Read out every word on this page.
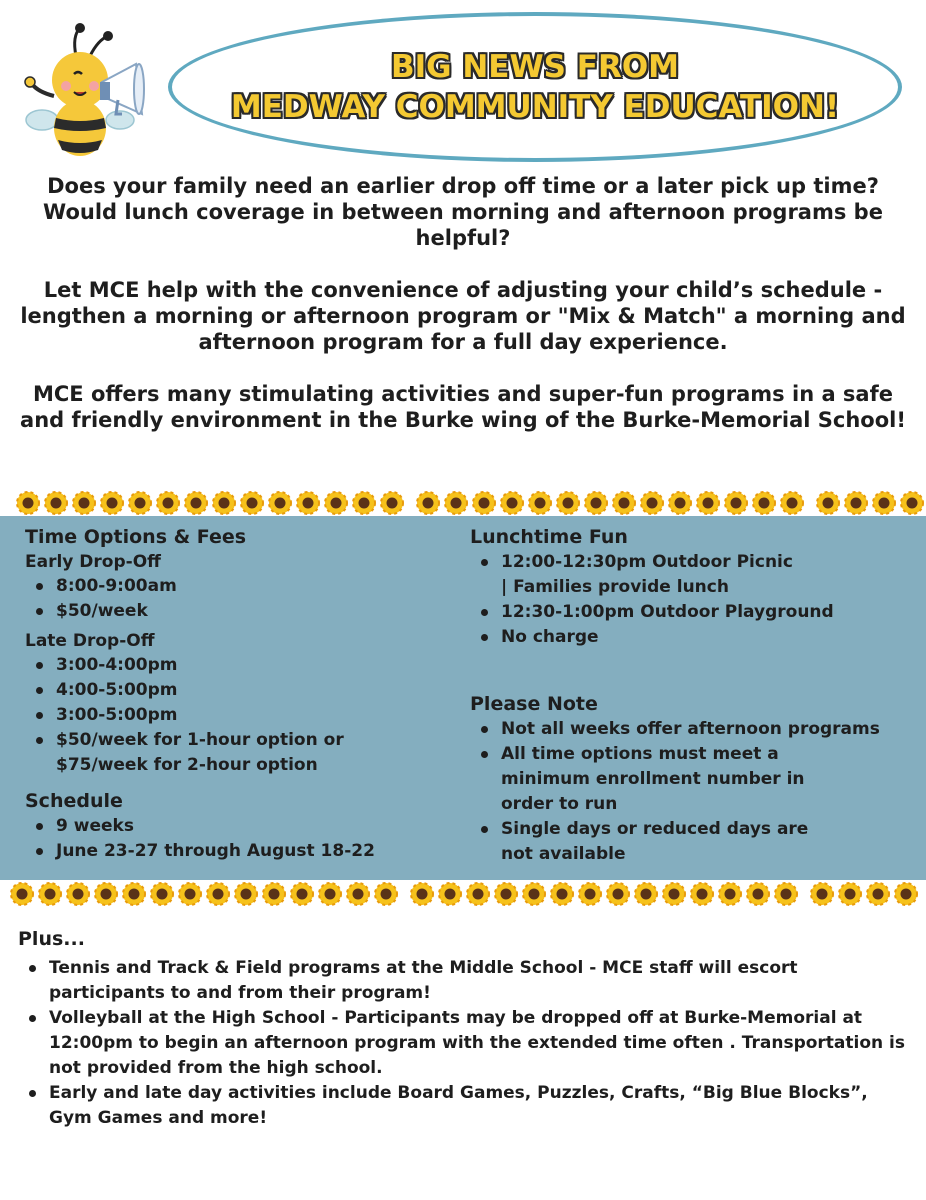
BIG NEWS FROM
MEDWAY COMMUNITY EDUCATION!

Does your family need an earlier drop off time or a later pick up time? Would lunch coverage in between morning and afternoon programs be helpful?

Let MCE help with the convenience of adjusting your child’s schedule - lengthen a morning or afternoon program or "Mix & Match" a morning and afternoon program for a full day experience.

MCE offers many stimulating activities and super-fun programs in a safe and friendly environment in the Burke wing of the Burke-Memorial School!

Time Options & Fees
Early Drop-Off
8:00-9:00am
$50/week
Late Drop-Off
3:00-4:00pm
4:00-5:00pm
3:00-5:00pm
$50/week for 1-hour option or $75/week for 2-hour option
Schedule
9 weeks
June 23-27 through August 18-22
Lunchtime Fun
12:00-12:30pm Outdoor Picnic | Families provide lunch
12:30-1:00pm Outdoor Playground
No charge
Please Note
Not all weeks offer afternoon programs
All time options must meet a minimum enrollment number in order to run
Single days or reduced days are not available
Plus...
Tennis and Track & Field programs at the Middle School - MCE staff will escort participants to and from their program!
Volleyball at the High School - Participants may be dropped off at Burke-Memorial at 12:00pm to begin an afternoon program with the extended time often . Transportation is not provided from the high school.
Early and late day activities include Board Games, Puzzles, Crafts, “Big Blue Blocks”, Gym Games and more!
